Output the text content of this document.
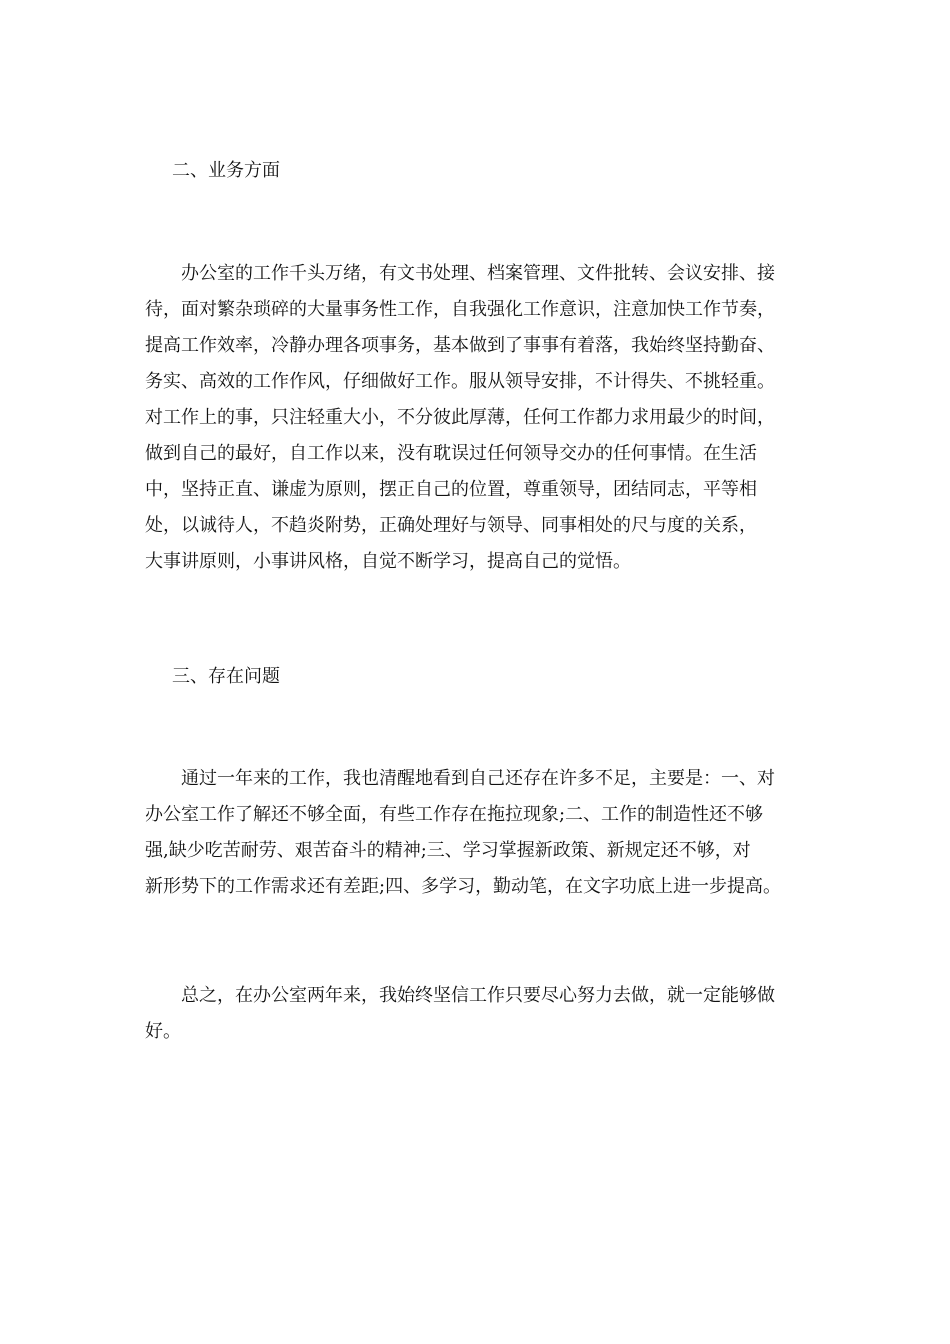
二、业务方面
　　办公室的工作千头万绪，有文书处理、档案管理、文件批转、会议安排、接
待，面对繁杂琐碎的大量事务性工作，自我强化工作意识，注意加快工作节奏，
提高工作效率，冷静办理各项事务，基本做到了事事有着落，我始终坚持勤奋、
务实、高效的工作作风，仔细做好工作。服从领导安排，不计得失、不挑轻重。
对工作上的事，只注轻重大小，不分彼此厚薄，任何工作都力求用最少的时间，
做到自己的最好，自工作以来，没有耽误过任何领导交办的任何事情。在生活
中，坚持正直、谦虚为原则，摆正自己的位置，尊重领导，团结同志，平等相
处，以诚待人，不趋炎附势，正确处理好与领导、同事相处的尺与度的关系，
大事讲原则，小事讲风格，自觉不断学习，提高自己的觉悟。
三、存在问题
　　通过一年来的工作，我也清醒地看到自己还存在许多不足，主要是：一、对
办公室工作了解还不够全面，有些工作存在拖拉现象;二、工作的制造性还不够
强,缺少吃苦耐劳、艰苦奋斗的精神;三、学习掌握新政策、新规定还不够，对
新形势下的工作需求还有差距;四、多学习，勤动笔，在文字功底上进一步提高。
　　总之，在办公室两年来，我始终坚信工作只要尽心努力去做，就一定能够做
好。
